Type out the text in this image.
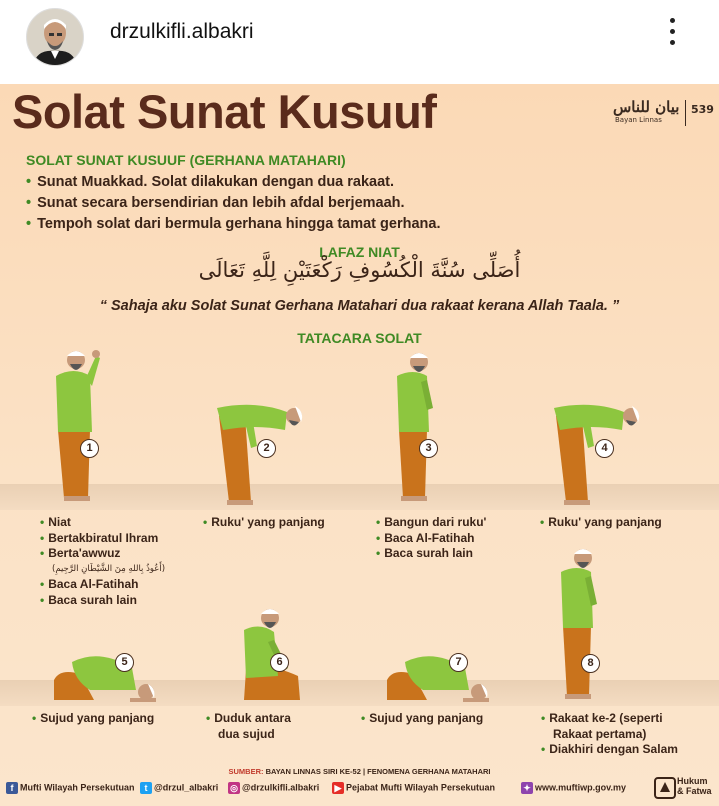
drzulkifli.albakri
Solat Sunat Kusuuf	بيان للناس
Bayan Linnas
539
SOLAT SUNAT KUSUUF (GERHANA MATAHARI)
• Sunat Muakkad. Solat dilakukan dengan dua rakaat.
• Sunat secara bersendirian dan lebih afdal berjemaah.
• Tempoh solat dari bermula gerhana hingga tamat gerhana.
LAFAZ NIAT
أُصَلِّى سُنَّةَ الْكُسُوفِ رَكْعَتَيْنِ لِلَّهِ تَعَالَى
“ Sahaja aku Solat Sunat Gerhana Matahari dua rakaat kerana Allah Taala. ”
TATACARA SOLAT
1	2	3	4
• Niat
• Bertakbiratul Ihram
• Berta'awwuz
(أَعُوذُ بِاللهِ مِنَ الشَّيْطَانِ الرَّجِيمِ)
• Baca Al-Fatihah
• Baca surah lain
• Ruku' yang panjang	• Bangun dari ruku'
• Baca Al-Fatihah
• Baca surah lain
• Ruku' yang panjang
5	6	7	8
• Sujud yang panjang	• Duduk antara
dua sujud
• Sujud yang panjang	• Rakaat ke-2 (seperti
Rakaat pertama)
• Diakhiri dengan Salam
SUMBER: BAYAN LINNAS SIRI KE-52 | FENOMENA GERHANA MATAHARI
f Mufti Wilayah Persekutuan	t @drzul_albakri ◎ @drzulkifli.albakri ▶ Pejabat Mufti Wilayah Persekutuan	✦ www.muftiwp.gov.my
Hukum
& Fatwa
